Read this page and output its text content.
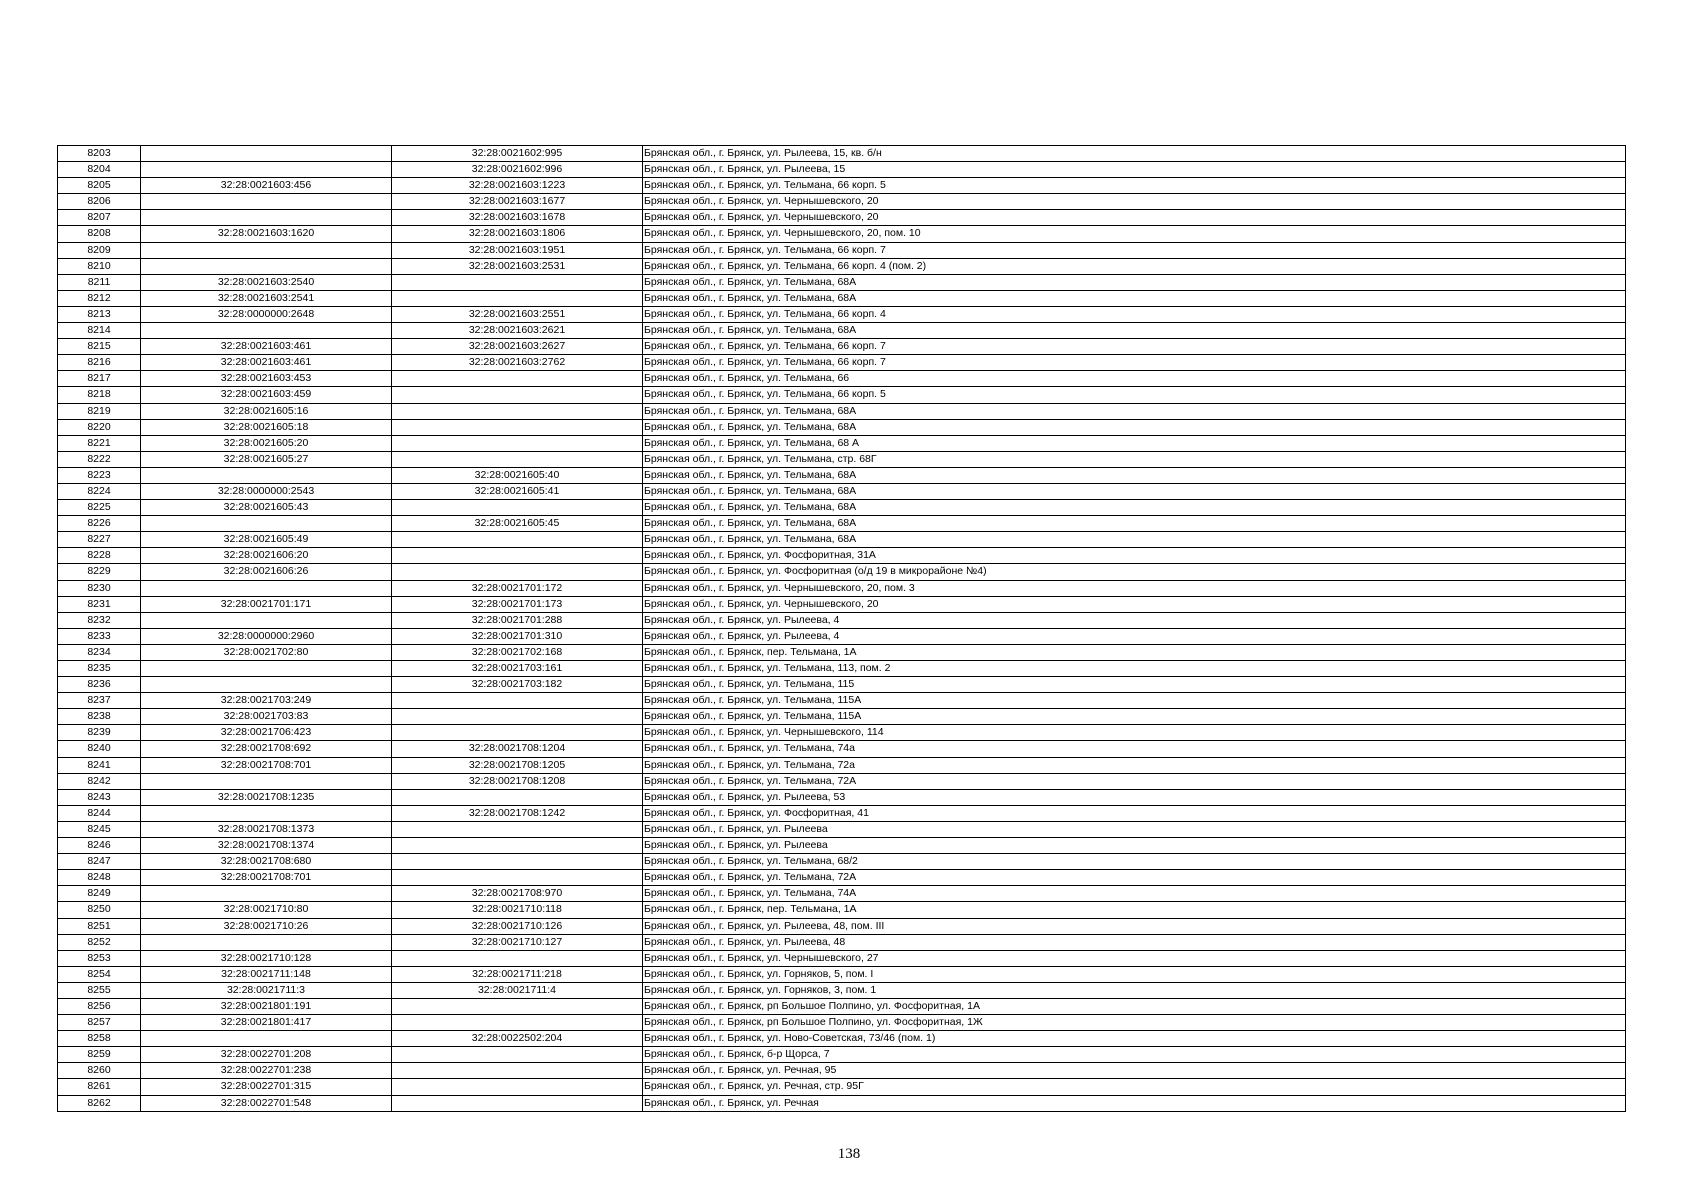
8203		32:28:0021602:995	Брянская обл., г. Брянск, ул. Рылеева, 15, кв. б/н
8204		32:28:0021602:996	Брянская обл., г. Брянск, ул. Рылеева, 15
8205	32:28:0021603:456	32:28:0021603:1223	Брянская обл., г. Брянск, ул. Тельмана, 66 корп. 5
8206		32:28:0021603:1677	Брянская обл., г. Брянск, ул. Чернышевского, 20
8207		32:28:0021603:1678	Брянская обл., г. Брянск, ул. Чернышевского, 20
8208	32:28:0021603:1620	32:28:0021603:1806	Брянская обл., г. Брянск, ул. Чернышевского, 20, пом. 10
8209		32:28:0021603:1951	Брянская обл., г. Брянск, ул. Тельмана, 66 корп. 7
8210		32:28:0021603:2531	Брянская обл., г. Брянск, ул. Тельмана, 66 корп. 4 (пом. 2)
8211	32:28:0021603:2540		Брянская обл., г. Брянск, ул. Тельмана, 68А
8212	32:28:0021603:2541		Брянская обл., г. Брянск, ул. Тельмана, 68А
8213	32:28:0000000:2648	32:28:0021603:2551	Брянская обл., г. Брянск, ул. Тельмана, 66 корп. 4
8214		32:28:0021603:2621	Брянская обл., г. Брянск, ул. Тельмана, 68А
8215	32:28:0021603:461	32:28:0021603:2627	Брянская обл., г. Брянск, ул. Тельмана, 66 корп. 7
8216	32:28:0021603:461	32:28:0021603:2762	Брянская обл., г. Брянск, ул. Тельмана, 66 корп. 7
8217	32:28:0021603:453		Брянская обл., г. Брянск, ул. Тельмана, 66
8218	32:28:0021603:459		Брянская обл., г. Брянск, ул. Тельмана, 66 корп. 5
8219	32:28:0021605:16		Брянская обл., г. Брянск, ул. Тельмана, 68А
8220	32:28:0021605:18		Брянская обл., г. Брянск, ул. Тельмана, 68А
8221	32:28:0021605:20		Брянская обл., г. Брянск, ул. Тельмана, 68 А
8222	32:28:0021605:27		Брянская обл., г. Брянск, ул. Тельмана, стр. 68Г
8223		32:28:0021605:40	Брянская обл., г. Брянск, ул. Тельмана, 68А
8224	32:28:0000000:2543	32:28:0021605:41	Брянская обл., г. Брянск, ул. Тельмана, 68А
8225	32:28:0021605:43		Брянская обл., г. Брянск, ул. Тельмана, 68А
8226		32:28:0021605:45	Брянская обл., г. Брянск, ул. Тельмана, 68А
8227	32:28:0021605:49		Брянская обл., г. Брянск, ул. Тельмана, 68А
8228	32:28:0021606:20		Брянская обл., г. Брянск, ул. Фосфоритная, 31А
8229	32:28:0021606:26		Брянская обл., г. Брянск, ул. Фосфоритная (о/д 19 в микрорайоне №4)
8230		32:28:0021701:172	Брянская обл., г. Брянск, ул. Чернышевского, 20, пом. 3
8231	32:28:0021701:171	32:28:0021701:173	Брянская обл., г. Брянск, ул. Чернышевского, 20
8232		32:28:0021701:288	Брянская обл., г. Брянск, ул. Рылеева, 4
8233	32:28:0000000:2960	32:28:0021701:310	Брянская обл., г. Брянск, ул. Рылеева, 4
8234	32:28:0021702:80	32:28:0021702:168	Брянская обл., г. Брянск, пер. Тельмана, 1А
8235		32:28:0021703:161	Брянская обл., г. Брянск, ул. Тельмана, 113, пом. 2
8236		32:28:0021703:182	Брянская обл., г. Брянск, ул. Тельмана, 115
8237	32:28:0021703:249		Брянская обл., г. Брянск, ул. Тельмана, 115А
8238	32:28:0021703:83		Брянская обл., г. Брянск, ул. Тельмана, 115А
8239	32:28:0021706:423		Брянская обл., г. Брянск, ул. Чернышевского, 114
8240	32:28:0021708:692	32:28:0021708:1204	Брянская обл., г. Брянск, ул. Тельмана, 74а
8241	32:28:0021708:701	32:28:0021708:1205	Брянская обл., г. Брянск, ул. Тельмана, 72а
8242		32:28:0021708:1208	Брянская обл., г. Брянск, ул. Тельмана, 72А
8243	32:28:0021708:1235		Брянская обл., г. Брянск, ул. Рылеева, 53
8244		32:28:0021708:1242	Брянская обл., г. Брянск, ул. Фосфоритная, 41
8245	32:28:0021708:1373		Брянская обл., г. Брянск, ул. Рылеева
8246	32:28:0021708:1374		Брянская обл., г. Брянск, ул. Рылеева
8247	32:28:0021708:680		Брянская обл., г. Брянск, ул. Тельмана, 68/2
8248	32:28:0021708:701		Брянская обл., г. Брянск, ул. Тельмана, 72А
8249		32:28:0021708:970	Брянская обл., г. Брянск, ул. Тельмана, 74А
8250	32:28:0021710:80	32:28:0021710:118	Брянская обл., г. Брянск, пер. Тельмана, 1А
8251	32:28:0021710:26	32:28:0021710:126	Брянская обл., г. Брянск, ул. Рылеева, 48, пом. III
8252		32:28:0021710:127	Брянская обл., г. Брянск, ул. Рылеева, 48
8253	32:28:0021710:128		Брянская обл., г. Брянск, ул. Чернышевского, 27
8254	32:28:0021711:148	32:28:0021711:218	Брянская обл., г. Брянск, ул. Горняков, 5, пом. I
8255	32:28:0021711:3	32:28:0021711:4	Брянская обл., г. Брянск, ул. Горняков, 3, пом. 1
8256	32:28:0021801:191		Брянская обл., г. Брянск, рп Большое Полпино, ул. Фосфоритная, 1А
8257	32:28:0021801:417		Брянская обл., г. Брянск, рп Большое Полпино, ул. Фосфоритная, 1Ж
8258		32:28:0022502:204	Брянская обл., г. Брянск, ул. Ново-Советская, 73/46 (пом. 1)
8259	32:28:0022701:208		Брянская обл., г. Брянск, б-р Щорса, 7
8260	32:28:0022701:238		Брянская обл., г. Брянск, ул. Речная, 95
8261	32:28:0022701:315		Брянская обл., г. Брянск, ул. Речная, стр. 95Г
8262	32:28:0022701:548		Брянская обл., г. Брянск, ул. Речная
138
